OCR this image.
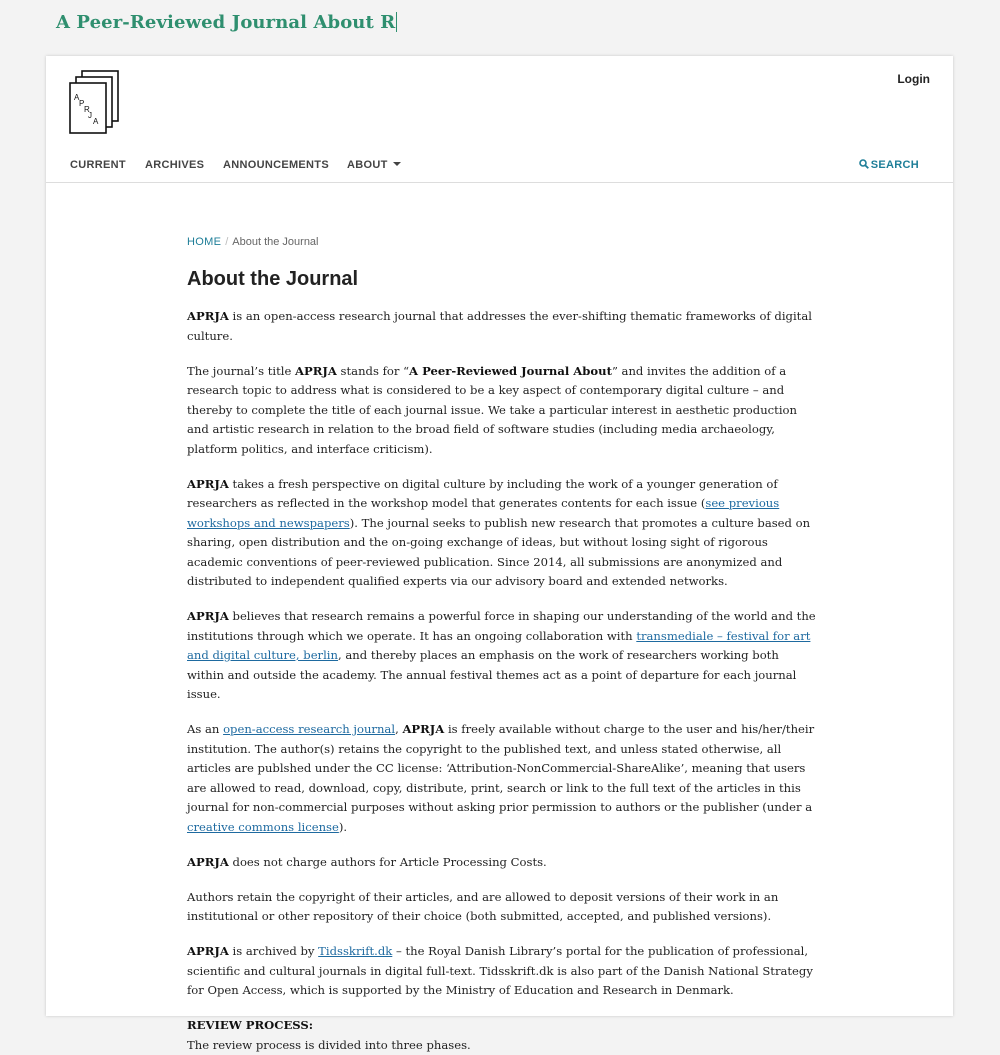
A Peer-Reviewed Journal About R
Login
A
P
R
J
A
CURRENT ARCHIVES ANNOUNCEMENTS ABOUT	SEARCH
HOME / About the Journal
About the Journal

APRJA is an open-access research journal that addresses the ever-shifting thematic frameworks of digital culture.

The journal’s title APRJA stands for “A Peer-Reviewed Journal About” and invites the addition of a research topic to address what is considered to be a key aspect of contemporary digital culture – and thereby to complete the title of each journal issue. We take a particular interest in aesthetic production and artistic research in relation to the broad field of software studies (including media archaeology, platform politics, and interface criticism).

APRJA takes a fresh perspective on digital culture by including the work of a younger generation of researchers as reflected in the workshop model that generates contents for each issue (see previous workshops and newspapers). The journal seeks to publish new research that promotes a culture based on sharing, open distribution and the on-going exchange of ideas, but without losing sight of rigorous academic conventions of peer-reviewed publication. Since 2014, all submissions are anonymized and distributed to independent qualified experts via our advisory board and extended networks.

APRJA believes that research remains a powerful force in shaping our understanding of the world and the institutions through which we operate. It has an ongoing collaboration with transmediale – festival for art and digital culture, berlin, and thereby places an emphasis on the work of researchers working both within and outside the academy. The annual festival themes act as a point of departure for each journal issue.

As an open-access research journal, APRJA is freely available without charge to the user and his/her/their institution. The author(s) retains the copyright to the published text, and unless stated otherwise, all articles are publshed under the CC license: ‘Attribution-NonCommercial-ShareAlike’, meaning that users are allowed to read, download, copy, distribute, print, search or link to the full text of the articles in this journal for non-commercial purposes without asking prior permission to authors or the publisher (under a creative commons license).

APRJA does not charge authors for Article Processing Costs.

Authors retain the copyright of their articles, and are allowed to deposit versions of their work in an institutional or other repository of their choice (both submitted, accepted, and published versions).

APRJA is archived by Tidsskrift.dk – the Royal Danish Library’s portal for the publication of professional, scientific and cultural journals in digital full-text. Tidsskrift.dk is also part of the Danish National Strategy for Open Access, which is supported by the Ministry of Education and Research in Denmark.

REVIEW PROCESS:
The review process is divided into three phases.
